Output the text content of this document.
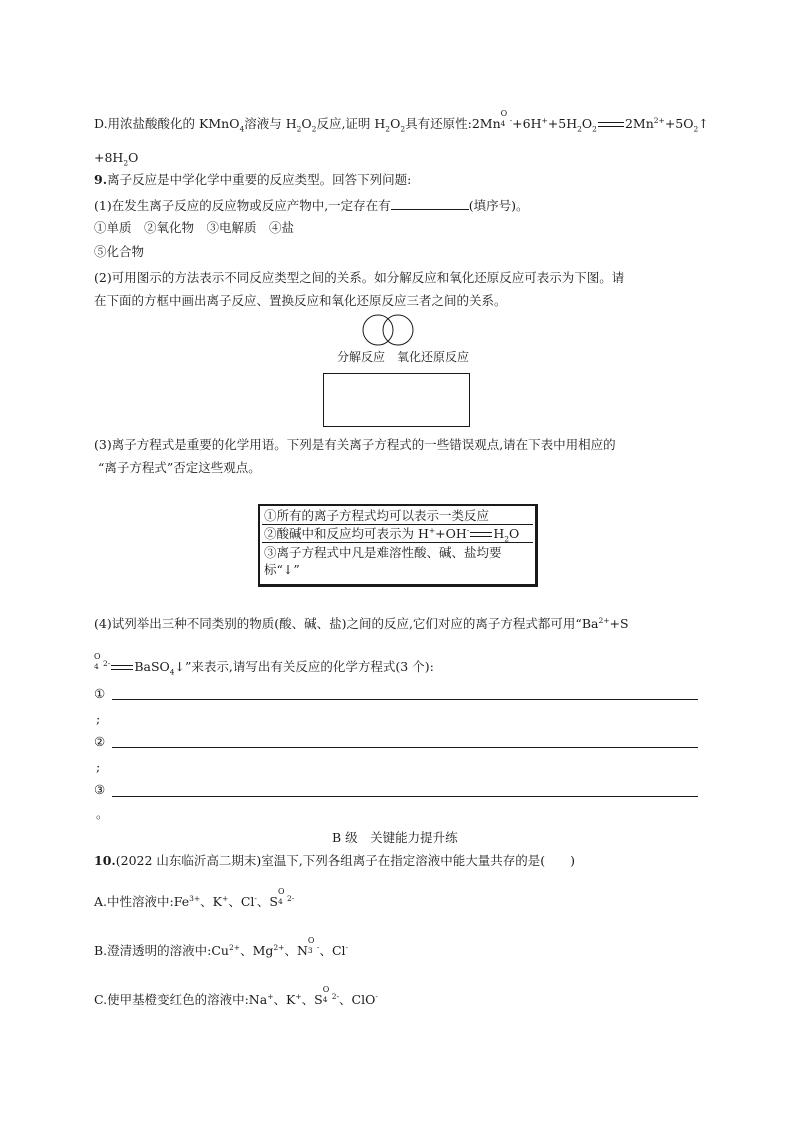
D.用浓盐酸酸化的 KMnO$_4$溶液与 $H_2O_2$反应,证明 $H_2O_2$具有还原性:2Mn
O
4 $^-+6H^++5H_2O_2$ $2Mn^{2+}+5O_2↑$
$+8H_2O$
9.离子反应是中学化学中重要的反应类型。回答下列问题:
(1)在发生离子反应的反应物或反应产物中,一定存在有	(填序号)。
①单质　②氧化物　③电解质　④盐
⑤化合物
(2)可用图示的方法表示不同反应类型之间的关系。如分解反应和氧化还原反应可表示为下图。请
在下面的方框中画出离子反应、置换反应和氧化还原反应三者之间的关系。
分解反应　氧化还原反应
(3)离子方程式是重要的化学用语。下列是有关离子方程式的一些错误观点,请在下表中用相应的
“离子方程式”否定这些观点。
①所有的离子方程式均可以表示一类反应
②酸碱中和反应均可表示为 H++OH- $H_2O$
③离子方程式中凡是难溶性酸、碱、盐均要标“↓”
(4)试列举出三种不同类别的物质(酸、碱、盐)之间的反应,它们对应的离子方程式都可用“$Ba^{2+}+S$
O
4 $^{2-}$ BaSO$_4$↓”来表示,请写出有关反应的化学方程式(3 个):
①
;
②
;
③
。
B 级　关键能力提升练
10.(2022 山东临沂高二期末)室温下,下列各组离子在指定溶液中能大量共存的是(　　)
A.中性溶液中$:Fe^{3+}$、K+、Cl-、S
O
4 $^{2-}$
B.澄清透明的溶液中$:Cu^{2+}$、$Mg^{2+}$、N
O
3 -、Cl-
C.使甲基橙变红色的溶液中:Na+、K+、S
O
4 $^{2-}$、ClO-
